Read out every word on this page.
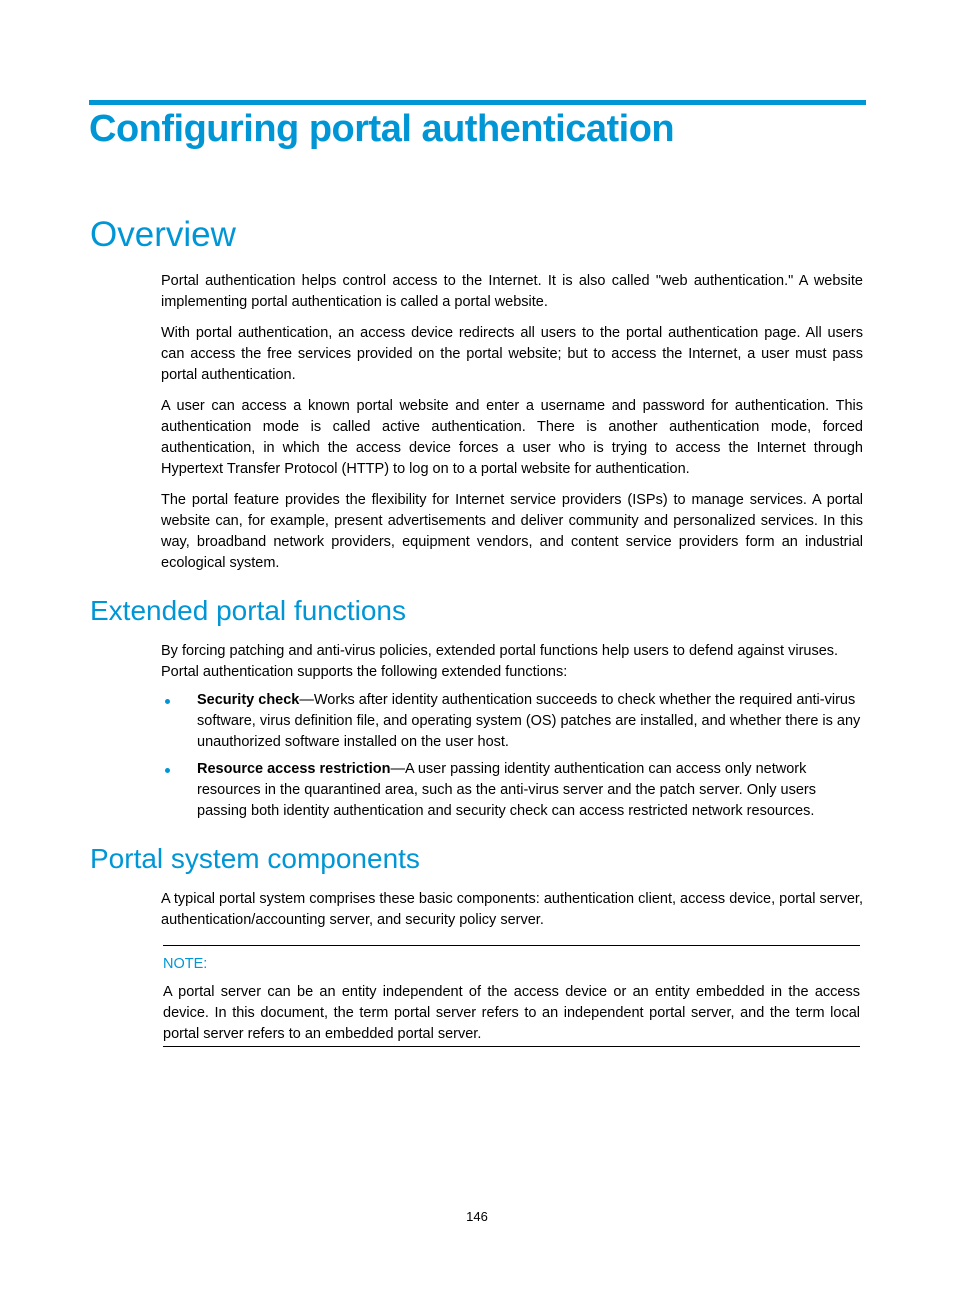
Configuring portal authentication
Overview

Portal authentication helps control access to the Internet. It is also called "web authentication." A website implementing portal authentication is called a portal website.

With portal authentication, an access device redirects all users to the portal authentication page. All users can access the free services provided on the portal website; but to access the Internet, a user must pass portal authentication.

A user can access a known portal website and enter a username and password for authentication. This authentication mode is called active authentication. There is another authentication mode, forced authentication, in which the access device forces a user who is trying to access the Internet through Hypertext Transfer Protocol (HTTP) to log on to a portal website for authentication.

The portal feature provides the flexibility for Internet service providers (ISPs) to manage services. A portal website can, for example, present advertisements and deliver community and personalized services. In this way, broadband network providers, equipment vendors, and content service providers form an industrial ecological system.

Extended portal functions

By forcing patching and anti-virus policies, extended portal functions help users to defend against viruses. Portal authentication supports the following extended functions:

Security check—Works after identity authentication succeeds to check whether the required anti-virus software, virus definition file, and operating system (OS) patches are installed, and whether there is any unauthorized software installed on the user host.
Resource access restriction—A user passing identity authentication can access only network resources in the quarantined area, such as the anti-virus server and the patch server. Only users passing both identity authentication and security check can access restricted network resources.
Portal system components

A typical portal system comprises these basic components: authentication client, access device, portal server, authentication/accounting server, and security policy server.

NOTE:

A portal server can be an entity independent of the access device or an entity embedded in the access device. In this document, the term portal server refers to an independent portal server, and the term local portal server refers to an embedded portal server.

146
